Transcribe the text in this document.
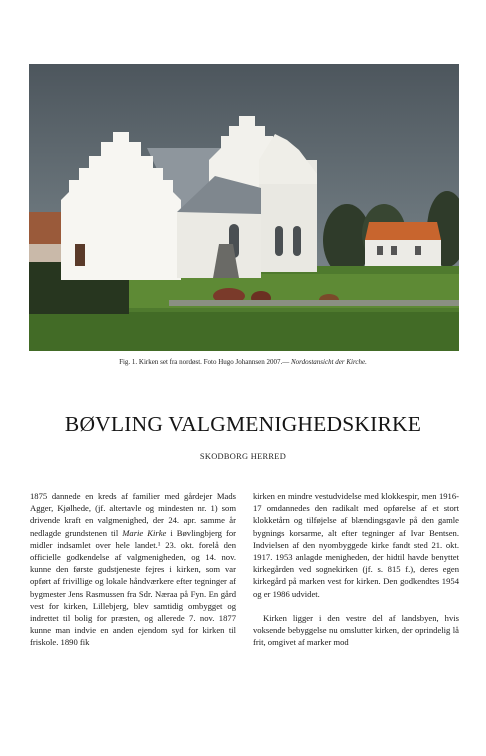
Fig. 1. Kirken set fra nordøst. Foto Hugo Johannsen 2007.— Nordostansicht der Kirche.
BØVLING VALGMENIGHEDSKIRKE
SKODBORG HERRED

1875 dannede en kreds af familier med gårdejer Mads Agger, Kjølhede, (jf. altertavle og mindesten nr. 1) som drivende kraft en valgmenighed, der 24. apr. samme år nedlagde grundstenen til Marie Kirke i Bøvlingbjerg for midler indsamlet over hele landet.¹ 23. okt. forelå den officielle godkendelse af valgmenigheden, og 14. nov. kunne den første gudstjeneste fejres i kirken, som var opført af frivillige og lokale håndværkere efter tegninger af bygmester Jens Rasmussen fra Sdr. Næraa på Fyn. En gård vest for kirken, Lillebjerg, blev samtidig ombygget og indrettet til bolig for præsten, og allerede 7. nov. 1877 kunne man indvie en anden ejendom syd for kirken til friskole. 1890 fik

kirken en mindre vestudvidelse med klokkespir, men 1916-17 omdannedes den radikalt med opførelse af et stort klokketårn og tilføjelse af blændingsgavle på den gamle bygnings korsarme, alt efter tegninger af Ivar Bentsen. Indvielsen af den nyombyggede kirke fandt sted 21. okt. 1917. 1953 anlagde menigheden, der hidtil havde benyttet kirkegården ved sognekirken (jf. s. 815 f.), deres egen kirkegård på marken vest for kirken. Den godkendtes 1954 og er 1986 udvidet.

Kirken ligger i den vestre del af landsbyen, hvis voksende bebyggelse nu omslutter kirken, der oprindelig lå frit, omgivet af marker mod
